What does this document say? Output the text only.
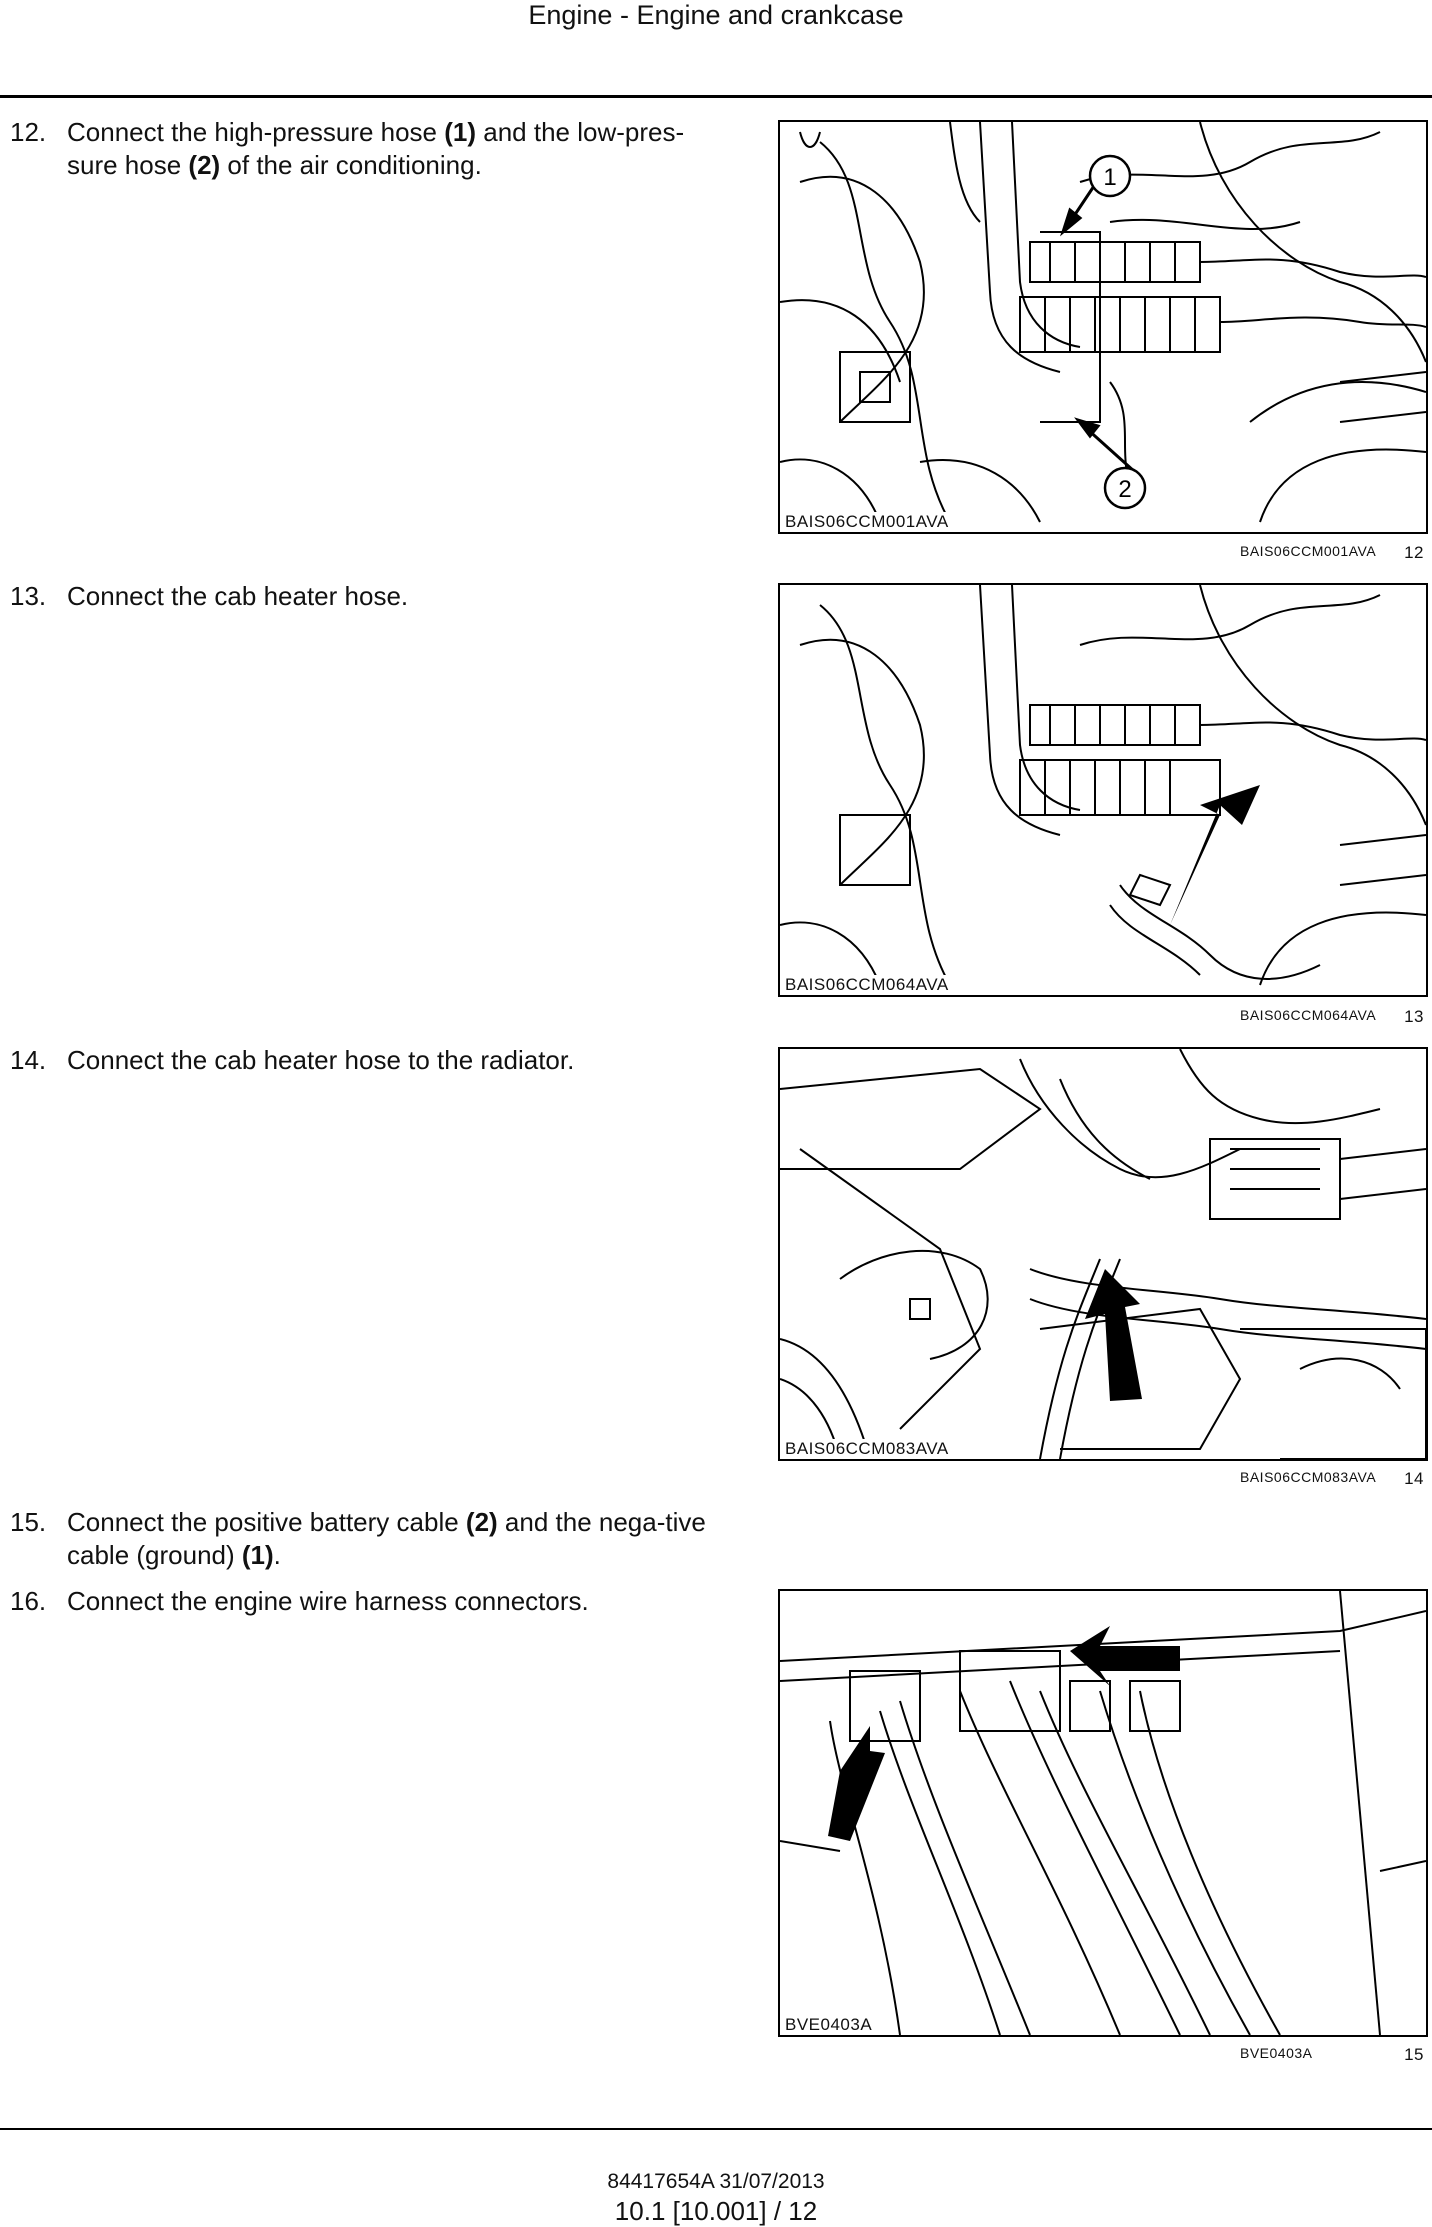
Engine - Engine and crankcase
12. Connect the high-pressure hose (1) and the low-pres-sure hose (2) of the air conditioning.
13. Connect the cab heater hose.
14. Connect the cab heater hose to the radiator.
15. Connect the positive battery cable (2) and the nega-tive cable (ground) (1).
16. Connect the engine wire harness connectors.
1
2
BAIS06CCM001AVA
BAIS06CCM001AVA 12
BAIS06CCM064AVA
BAIS06CCM064AVA 13
BAIS06CCM083AVA
BAIS06CCM083AVA 14
BVE0403A
BVE0403A	15
84417654A 31/07/2013
10.1 [10.001] / 12
